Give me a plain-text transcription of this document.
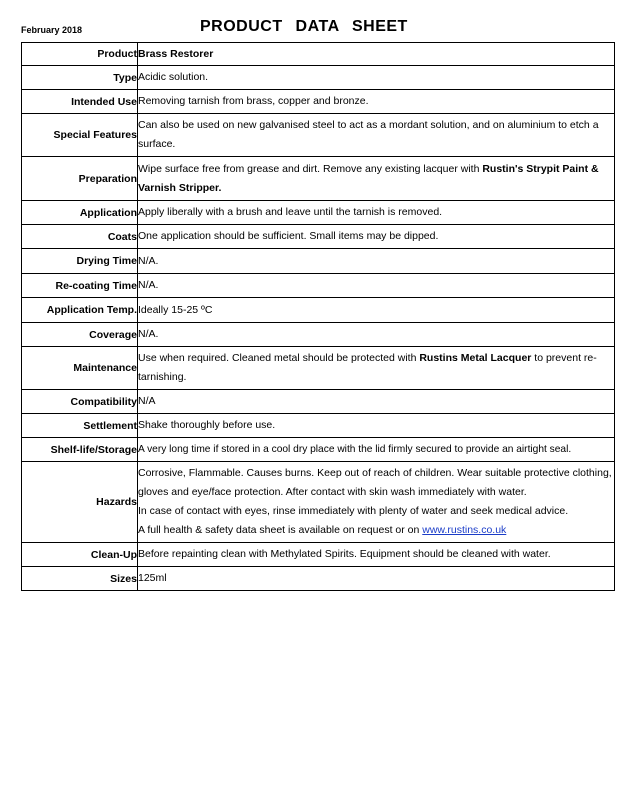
February 2018	PRODUCT DATA SHEET
Product	Brass Restorer
Type	Acidic solution.
Intended Use	Removing tarnish from brass, copper and bronze.
Special Features	Can also be used on new galvanised steel to act as a mordant solution, and on aluminium to etch a surface.
Preparation	Wipe surface free from grease and dirt. Remove any existing lacquer with Rustin's Strypit Paint & Varnish Stripper.
Application	Apply liberally with a brush and leave until the tarnish is removed.
Coats	One application should be sufficient. Small items may be dipped.
Drying Time	N/A.
Re-coating Time	N/A.
Application Temp.	Ideally 15-25 ºC
Coverage	N/A.
Maintenance	Use when required. Cleaned metal should be protected with Rustins Metal Lacquer to prevent re- tarnishing.
Compatibility	N/A
Settlement	Shake thoroughly before use.
Shelf-life/Storage	A very long time if stored in a cool dry place with the lid firmly secured to provide an airtight seal.
Hazards	Corrosive, Flammable. Causes burns. Keep out of reach of children. Wear suitable protective clothing, gloves and eye/face protection. After contact with skin wash immediately with water.
In case of contact with eyes, rinse immediately with plenty of water and seek medical advice.
A full health & safety data sheet is available on request or on www.rustins.co.uk

Clean-Up	Before repainting clean with Methylated Spirits. Equipment should be cleaned with water.
Sizes	125ml
